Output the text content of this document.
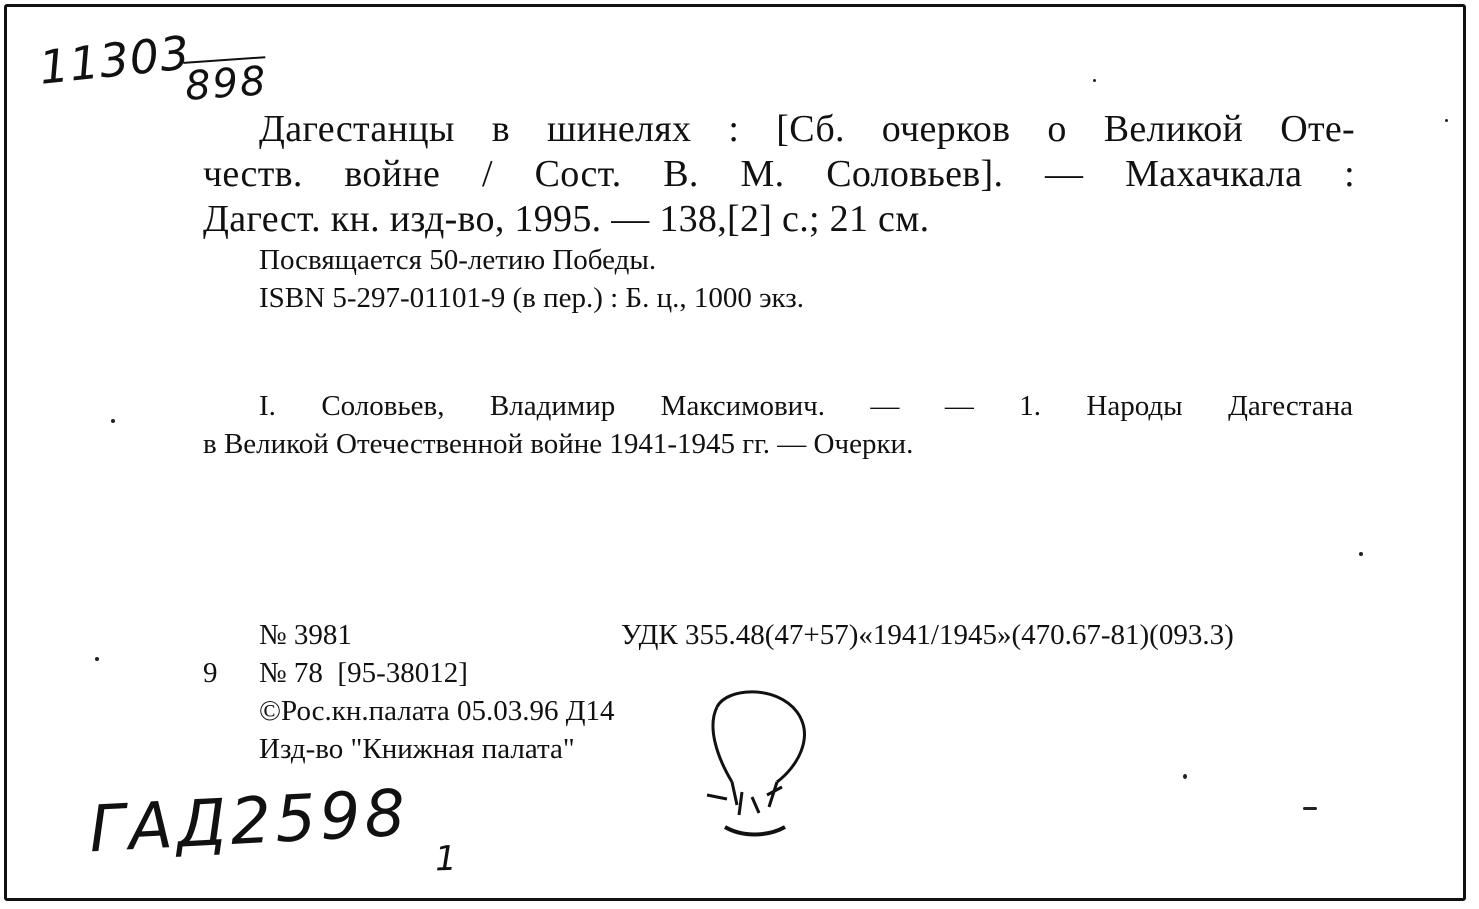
11303
898
Дагестанцы в шинелях : [Сб. очерков о Великой Оте-
честв. войне / Сост. В. М. Соловьев]. — Махачкала :
Дагест. кн. изд-во, 1995. — 138,[2] с.; 21 см.
Посвящается 50-летию Победы.
ISBN 5-297-01101-9 (в пер.) : Б. ц., 1000 экз.
I. Соловьев, Владимир Максимович. — — 1. Народы Дагестана
в Великой Отечественной войне 1941-1945 гг. — Очерки.
№ 3981	УДК 355.48(47+57)«1941/1945»(470.67-81)(093.3)
9 № 78  [95-38012]
©Рос.кн.палата 05.03.96 Д14
Изд-во "Книжная палата"
ГАД2598 1
